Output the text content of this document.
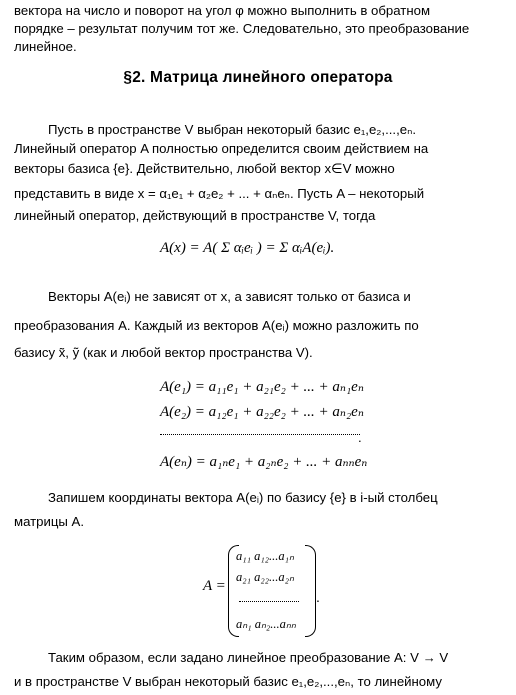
вектора на число и поворот на угол φ можно выполнить в обратном

порядке – результат получим тот же. Следовательно, это преобразование

линейное.

§2. Матрица линейного оператора

Пусть в пространстве V выбран некоторый базис e₁,e₂,...,eₙ.

Линейный оператор A полностью определится своим действием на

векторы базиса {e}. Действительно, любой вектор x∈V можно

представить в виде x = α₁e₁ + α₂e₂ + ... + αₙeₙ. Пусть A – некоторый

линейный оператор, действующий в пространстве V, тогда

A(x) = A( Σ αᵢeᵢ ) = Σ αᵢA(eᵢ).

Векторы A(eᵢ) не зависят от x, а зависят только от базиса и

преобразования A. Каждый из векторов A(eᵢ) можно разложить по

базису x̃, ỹ (как и любой вектор пространства V).

A(e₁) = a₁₁e₁ + a₂₁e₂ + ... + aₙ₁eₙ
A(e₂) = a₁₂e₁ + a₂₂e₂ + ... + aₙ₂eₙ
.
A(eₙ) = a₁ₙe₁ + a₂ₙe₂ + ... + aₙₙeₙ

Запишем координаты вектора A(eᵢ) по базису {e} в i-ый столбец

матрицы A.

A =
a₁₁ a₁₂...a₁ₙ
a₂₁ a₂₂...a₂ₙ
aₙ₁ aₙ₂...aₙₙ
.

Таким образом, если задано линейное преобразование A: V → V

и в пространстве V выбран некоторый базис e₁,e₂,...,eₙ, то линейному
